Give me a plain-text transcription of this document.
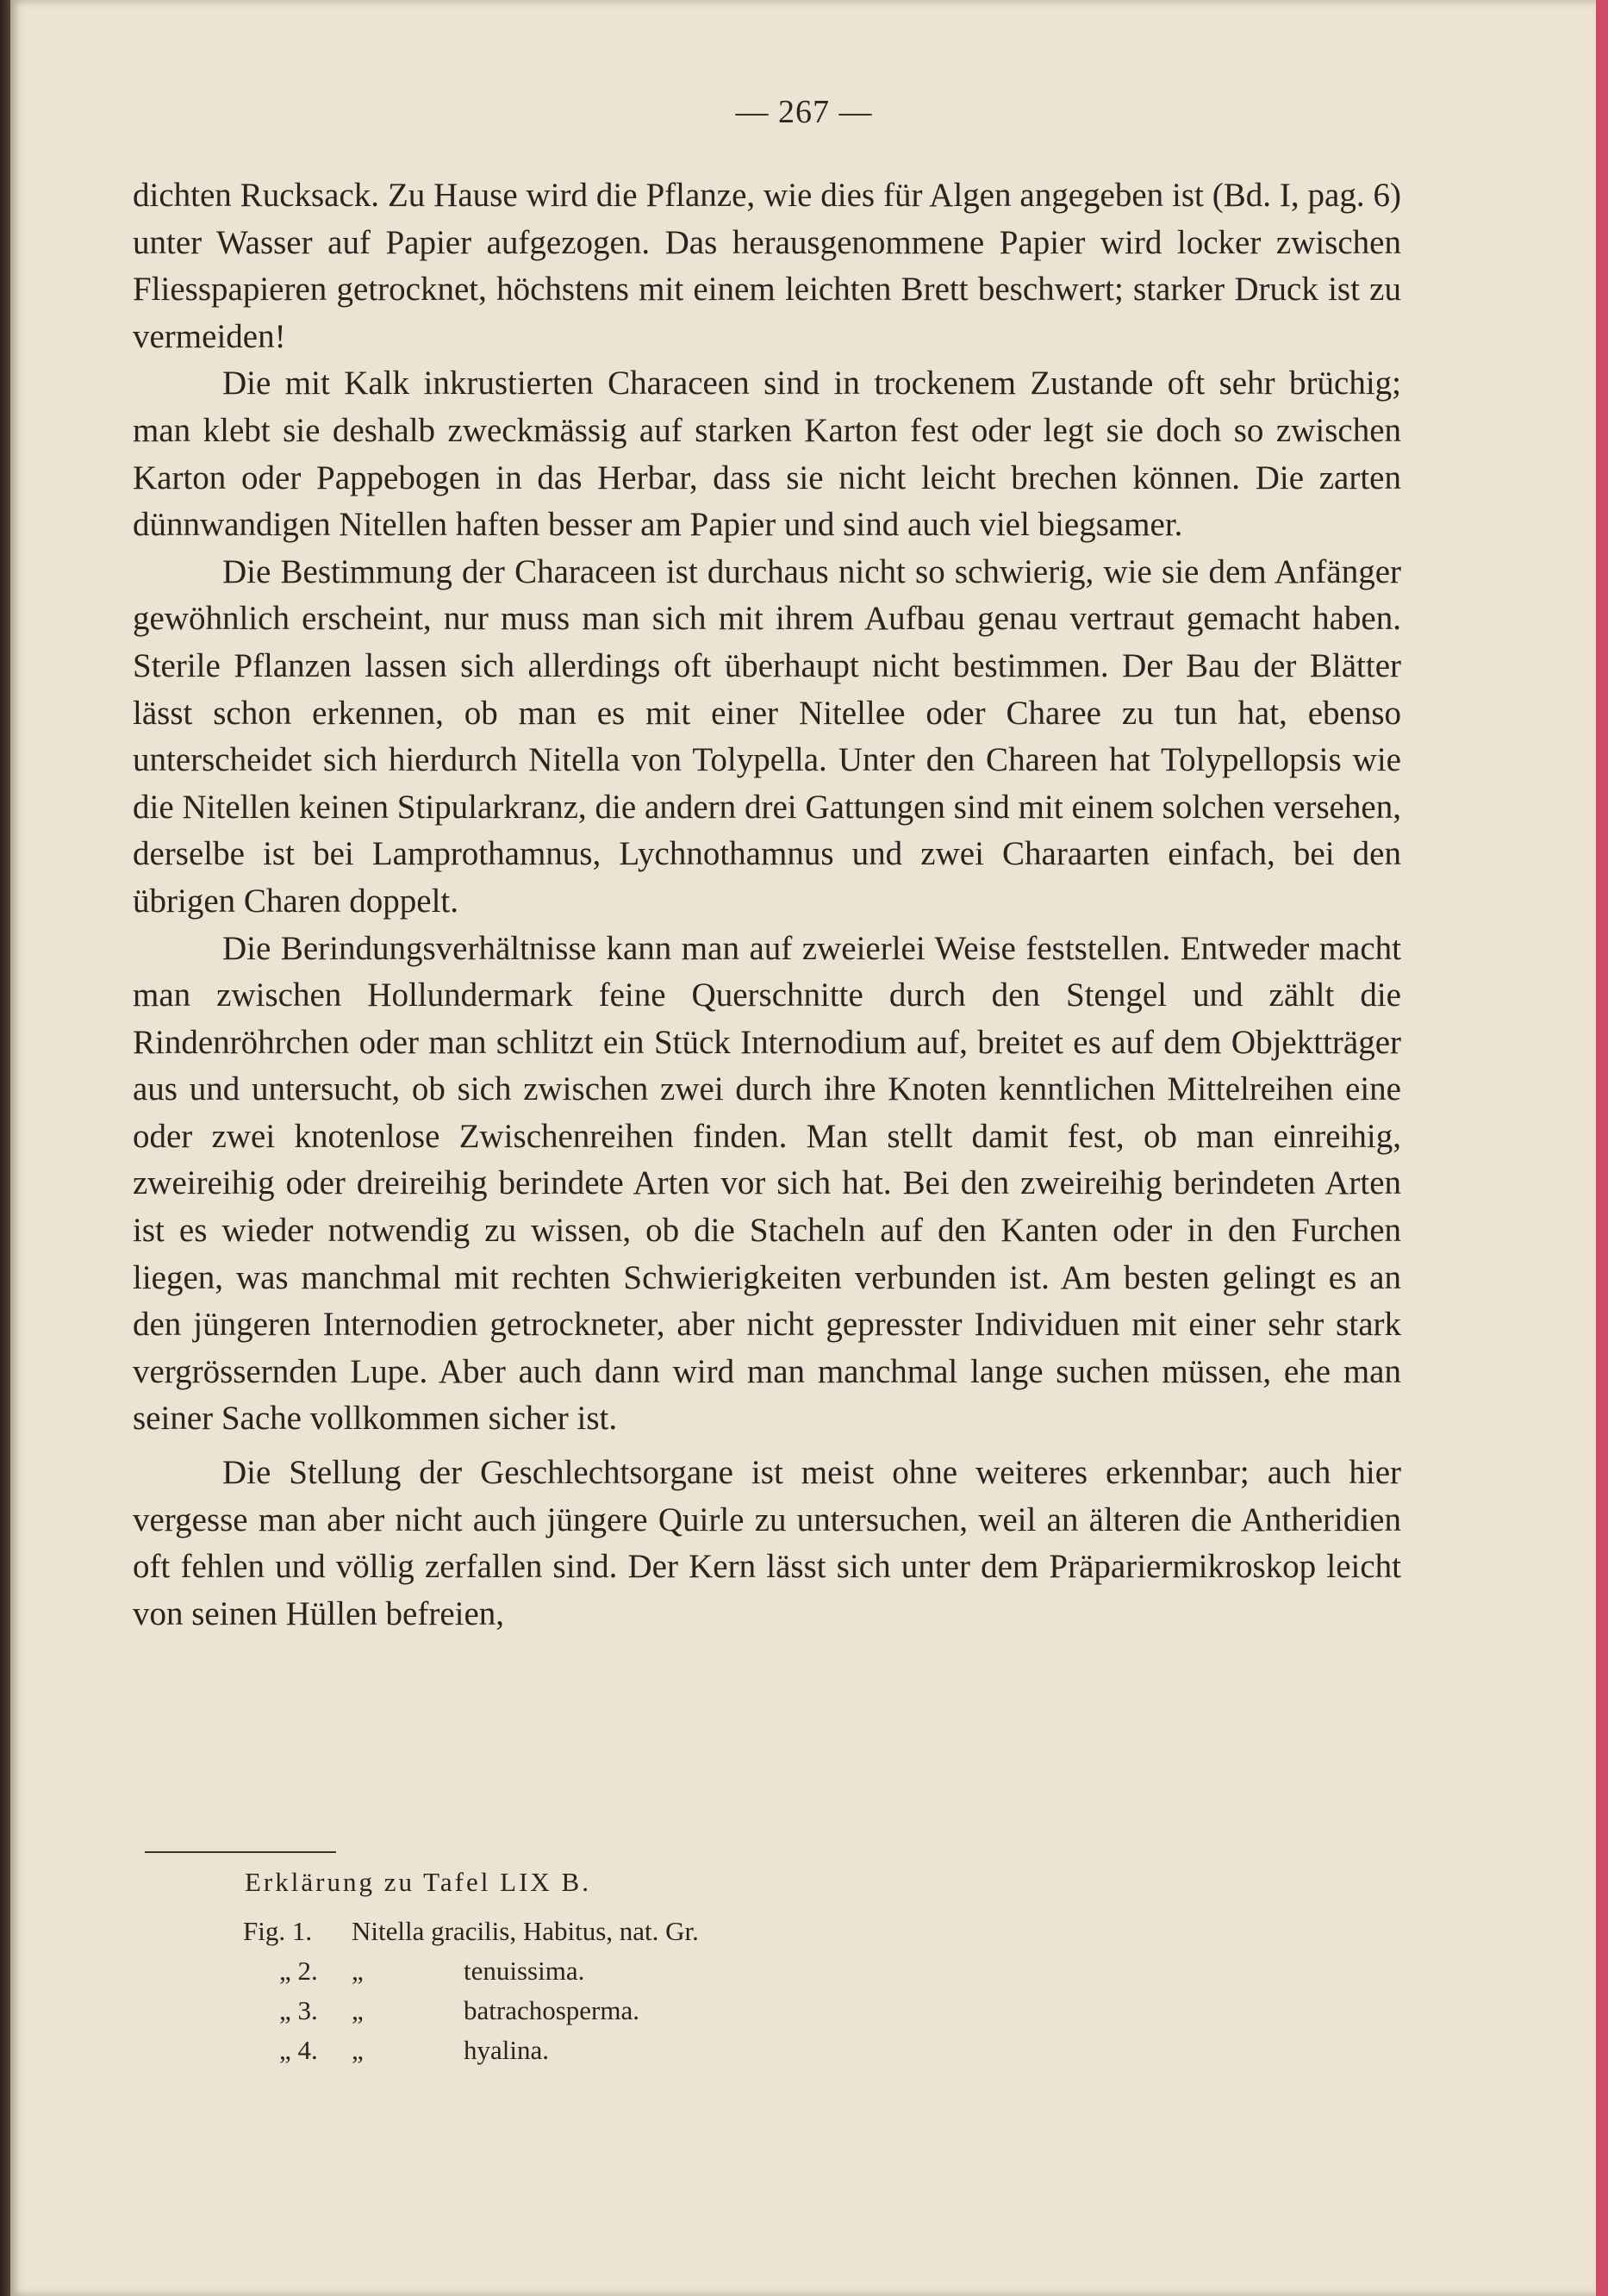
— 267 —

dichten Rucksack. Zu Hause wird die Pflanze, wie dies für Algen angegeben ist (Bd. I, pag. 6) unter Wasser auf Papier aufgezogen. Das herausgenommene Papier wird locker zwischen Fliesspapieren getrocknet, höchstens mit einem leichten Brett beschwert; starker Druck ist zu vermeiden!

Die mit Kalk inkrustierten Characeen sind in trockenem Zustande oft sehr brüchig; man klebt sie deshalb zweckmässig auf starken Karton fest oder legt sie doch so zwischen Karton oder Pappebogen in das Herbar, dass sie nicht leicht brechen können. Die zarten dünnwandigen Nitellen haften besser am Papier und sind auch viel biegsamer.

Die Bestimmung der Characeen ist durchaus nicht so schwierig, wie sie dem Anfänger gewöhnlich erscheint, nur muss man sich mit ihrem Aufbau genau vertraut gemacht haben. Sterile Pflanzen lassen sich allerdings oft überhaupt nicht bestimmen. Der Bau der Blätter lässt schon erkennen, ob man es mit einer Nitellee oder Charee zu tun hat, ebenso unterscheidet sich hierdurch Nitella von Tolypella. Unter den Chareen hat Tolypellopsis wie die Nitellen keinen Stipularkranz, die andern drei Gattungen sind mit einem solchen versehen, derselbe ist bei Lamprothamnus, Lychnothamnus und zwei Charaarten einfach, bei den übrigen Charen doppelt.

Die Berindungsverhältnisse kann man auf zweierlei Weise feststellen. Entweder macht man zwischen Hollundermark feine Querschnitte durch den Stengel und zählt die Rindenröhrchen oder man schlitzt ein Stück Internodium auf, breitet es auf dem Objektträger aus und untersucht, ob sich zwischen zwei durch ihre Knoten kenntlichen Mittelreihen eine oder zwei knotenlose Zwischenreihen finden. Man stellt damit fest, ob man einreihig, zweireihig oder dreireihig berindete Arten vor sich hat. Bei den zweireihig berindeten Arten ist es wieder notwendig zu wissen, ob die Stacheln auf den Kanten oder in den Furchen liegen, was manchmal mit rechten Schwierigkeiten verbunden ist. Am besten gelingt es an den jüngeren Internodien getrockneter, aber nicht gepresster Individuen mit einer sehr stark vergrössernden Lupe. Aber auch dann wird man manchmal lange suchen müssen, ehe man seiner Sache vollkommen sicher ist.

Die Stellung der Geschlechtsorgane ist meist ohne weiteres erkennbar; auch hier vergesse man aber nicht auch jüngere Quirle zu untersuchen, weil an älteren die Antheridien oft fehlen und völlig zerfallen sind. Der Kern lässt sich unter dem Präpariermikroskop leicht von seinen Hüllen befreien,

Erklärung zu Tafel LIX B.
Fig. 1.	Nitella gracilis, Habitus, nat. Gr.
„ 2.	„	tenuissima.
„ 3.	„	batrachosperma.
„ 4.	„	hyalina.
